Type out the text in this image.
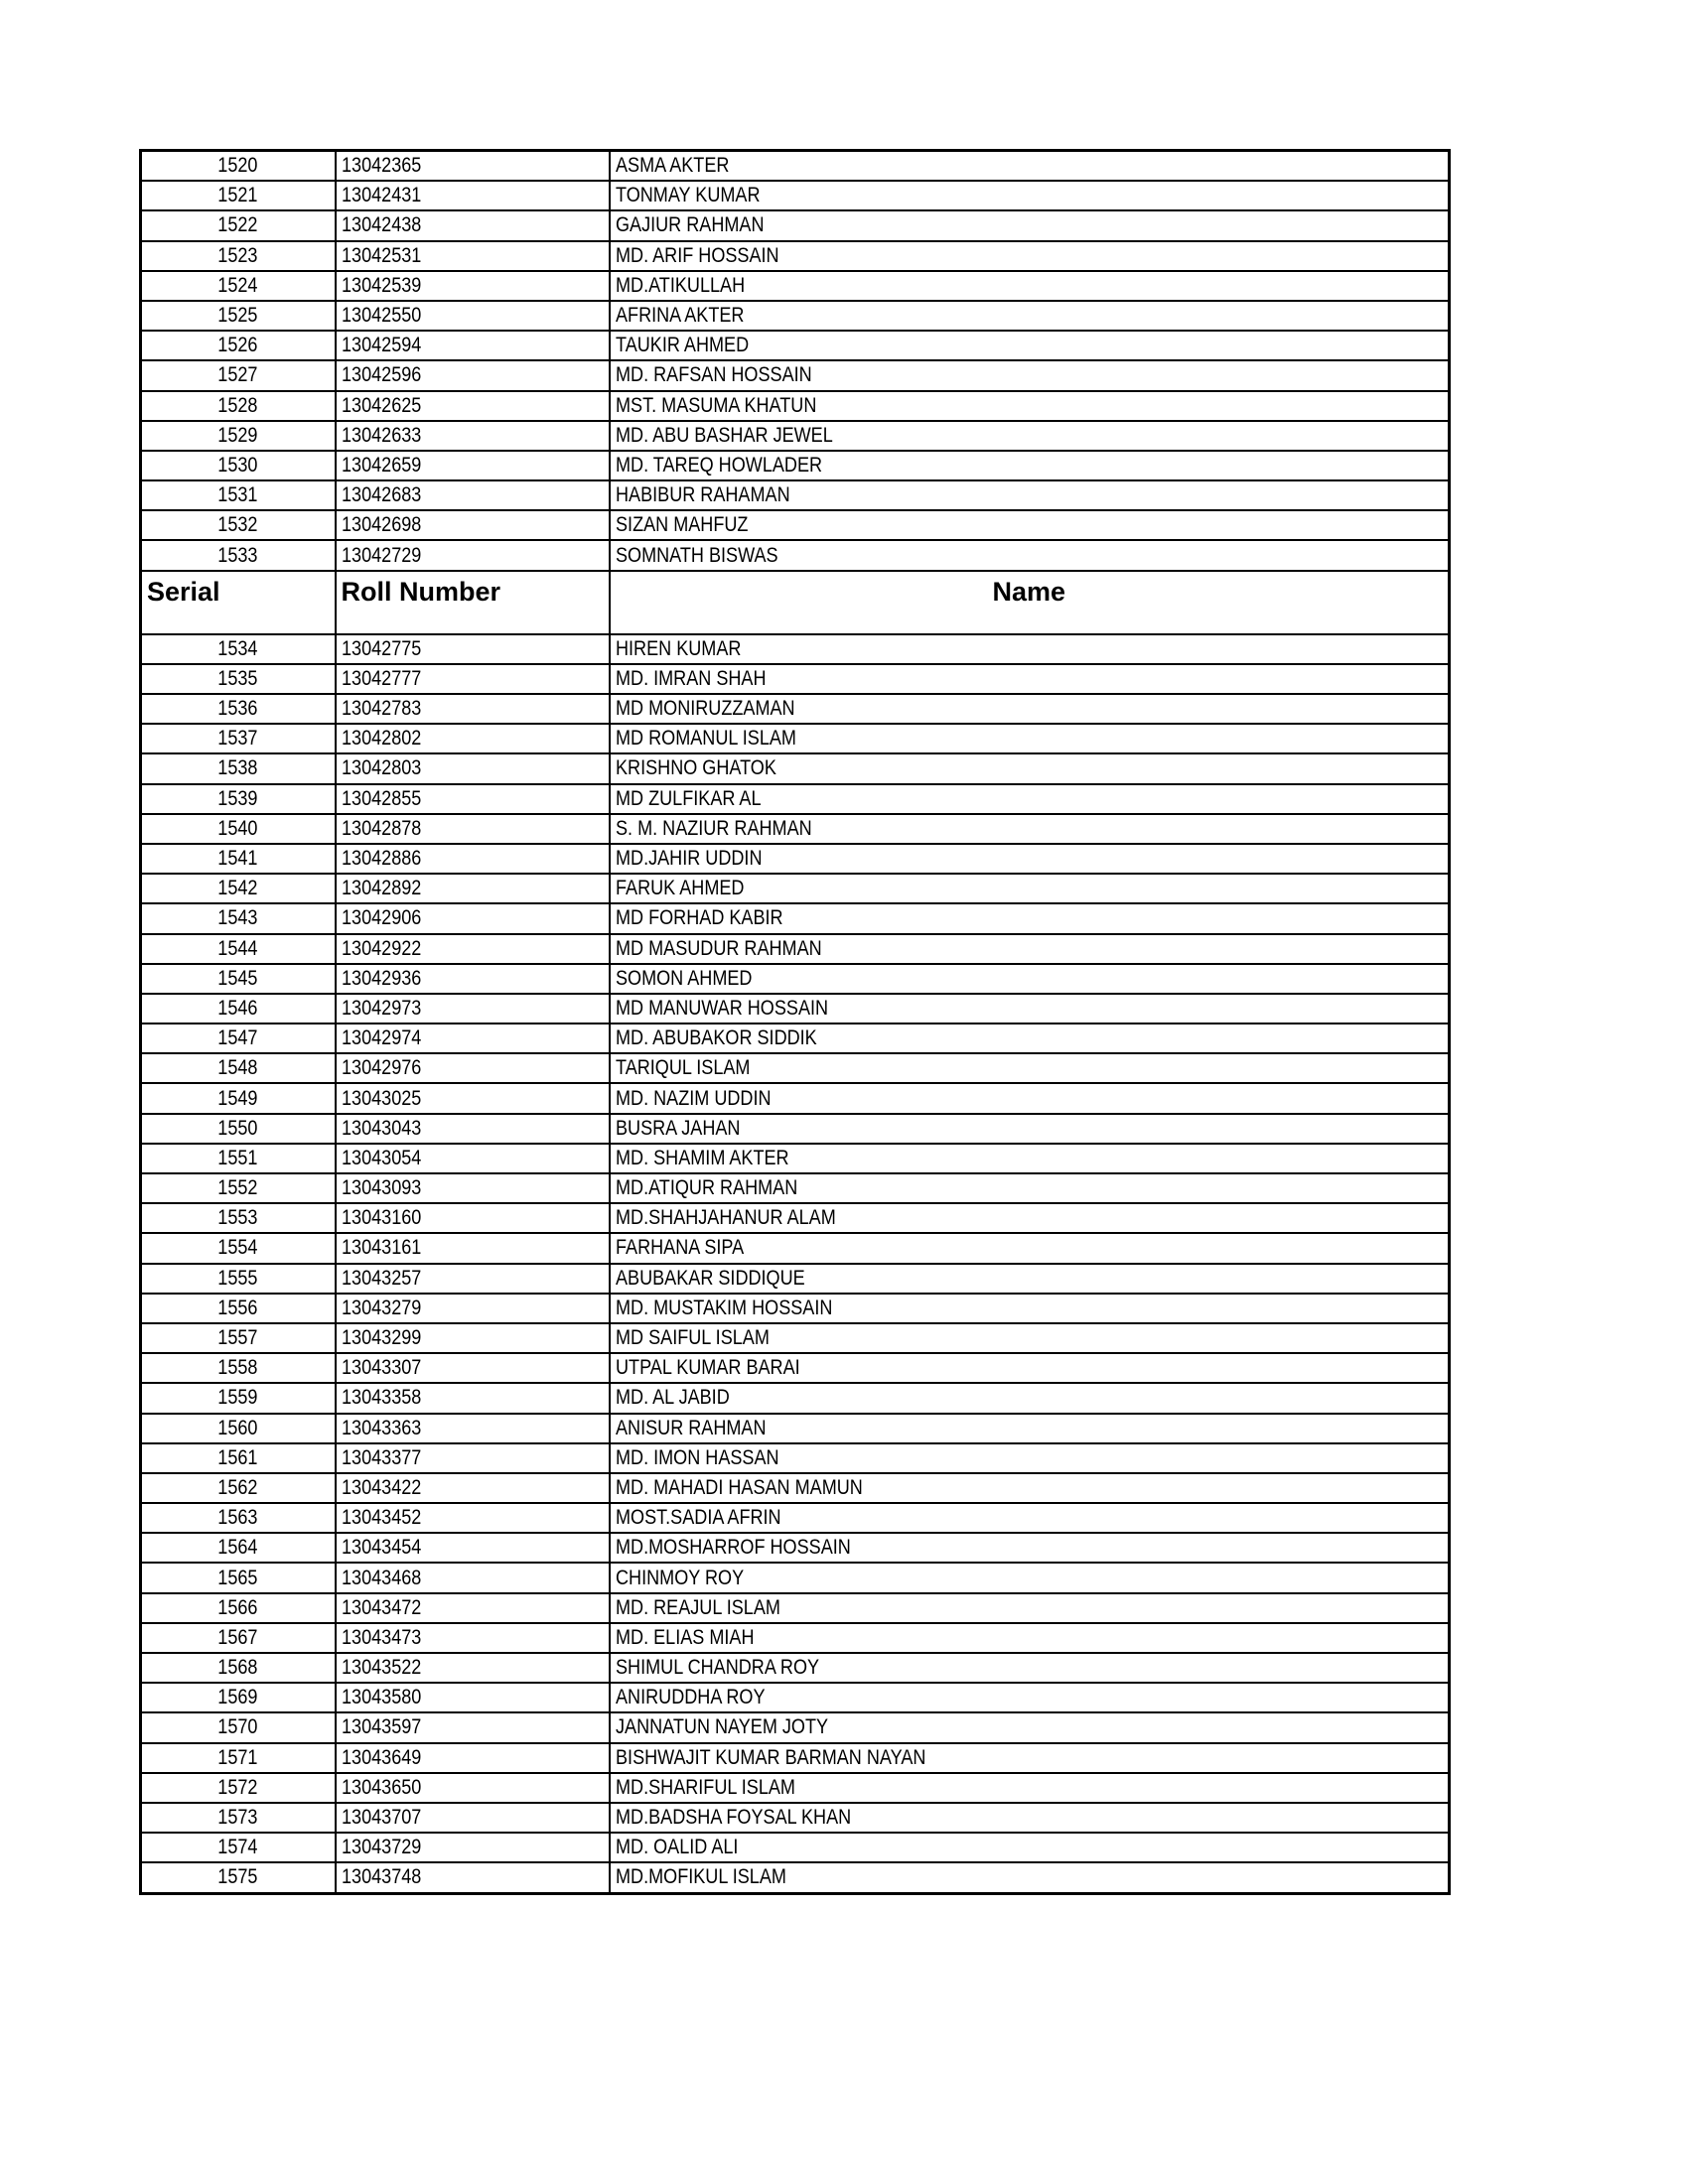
1520	13042365	ASMA AKTER
1521	13042431	TONMAY KUMAR
1522	13042438	GAJIUR RAHMAN
1523	13042531	MD. ARIF HOSSAIN
1524	13042539	MD.ATIKULLAH
1525	13042550	AFRINA AKTER
1526	13042594	TAUKIR AHMED
1527	13042596	MD. RAFSAN HOSSAIN
1528	13042625	MST. MASUMA KHATUN
1529	13042633	MD. ABU BASHAR JEWEL
1530	13042659	MD. TAREQ HOWLADER
1531	13042683	HABIBUR RAHAMAN
1532	13042698	SIZAN MAHFUZ
1533	13042729	SOMNATH BISWAS
Serial	Roll Number	Name
1534	13042775	HIREN KUMAR
1535	13042777	MD. IMRAN SHAH
1536	13042783	MD MONIRUZZAMAN
1537	13042802	MD ROMANUL ISLAM
1538	13042803	KRISHNO GHATOK
1539	13042855	MD ZULFIKAR AL
1540	13042878	S. M. NAZIUR RAHMAN
1541	13042886	MD.JAHIR UDDIN
1542	13042892	FARUK AHMED
1543	13042906	MD FORHAD KABIR
1544	13042922	MD MASUDUR RAHMAN
1545	13042936	SOMON AHMED
1546	13042973	MD MANUWAR HOSSAIN
1547	13042974	MD. ABUBAKOR SIDDIK
1548	13042976	TARIQUL ISLAM
1549	13043025	MD. NAZIM UDDIN
1550	13043043	BUSRA JAHAN
1551	13043054	MD. SHAMIM AKTER
1552	13043093	MD.ATIQUR RAHMAN
1553	13043160	MD.SHAHJAHANUR ALAM
1554	13043161	FARHANA SIPA
1555	13043257	ABUBAKAR SIDDIQUE
1556	13043279	MD. MUSTAKIM HOSSAIN
1557	13043299	MD SAIFUL ISLAM
1558	13043307	UTPAL KUMAR BARAI
1559	13043358	MD. AL JABID
1560	13043363	ANISUR RAHMAN
1561	13043377	MD. IMON HASSAN
1562	13043422	MD. MAHADI HASAN MAMUN
1563	13043452	MOST.SADIA AFRIN
1564	13043454	MD.MOSHARROF HOSSAIN
1565	13043468	CHINMOY ROY
1566	13043472	MD. REAJUL ISLAM
1567	13043473	MD. ELIAS MIAH
1568	13043522	SHIMUL CHANDRA ROY
1569	13043580	ANIRUDDHA ROY
1570	13043597	JANNATUN NAYEM JOTY
1571	13043649	BISHWAJIT KUMAR BARMAN NAYAN
1572	13043650	MD.SHARIFUL ISLAM
1573	13043707	MD.BADSHA FOYSAL KHAN
1574	13043729	MD. OALID ALI
1575	13043748	MD.MOFIKUL ISLAM
